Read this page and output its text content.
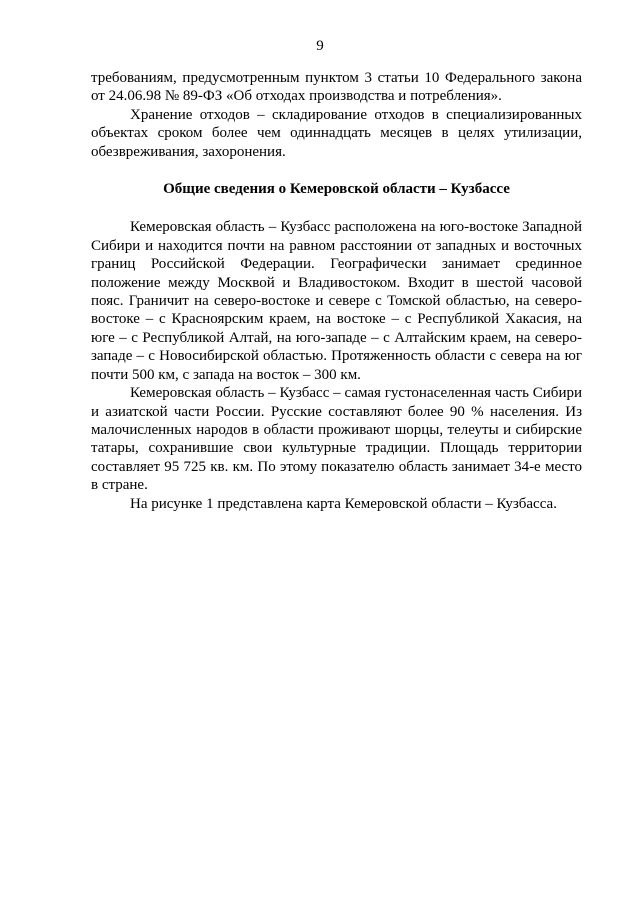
9

требованиям, предусмотренным пунктом 3 статьи 10 Федерального закона от 24.06.98 № 89-ФЗ «Об отходах производства и потребления».

Хранение отходов – складирование отходов в специализированных объектах сроком более чем одиннадцать месяцев в целях утилизации, обезвреживания, захоронения.

Общие сведения о Кемеровской области – Кузбассе

Кемеровская область – Кузбасс расположена на юго-востоке Западной Сибири и находится почти на равном расстоянии от западных и восточных границ Российской Федерации. Географически занимает срединное положение между Москвой и Владивостоком. Входит в шестой часовой пояс. Граничит на северо-востоке и севере с Томской областью, на северо-востоке – с Красноярским краем, на востоке – с Республикой Хакасия, на юге – с Республикой Алтай, на юго-западе – с Алтайским краем, на северо-западе – с Новосибирской областью. Протяженность области с севера на юг почти 500 км, с запада на восток – 300 км.

Кемеровская область – Кузбасс – самая густонаселенная часть Сибири и азиатской части России. Русские составляют более 90 % населения. Из малочисленных народов в области проживают шорцы, телеуты и сибирские татары, сохранившие свои культурные традиции. Площадь территории составляет 95 725 кв. км. По этому показателю область занимает 34-е место в стране.

На рисунке 1 представлена карта Кемеровской области – Кузбасса.
